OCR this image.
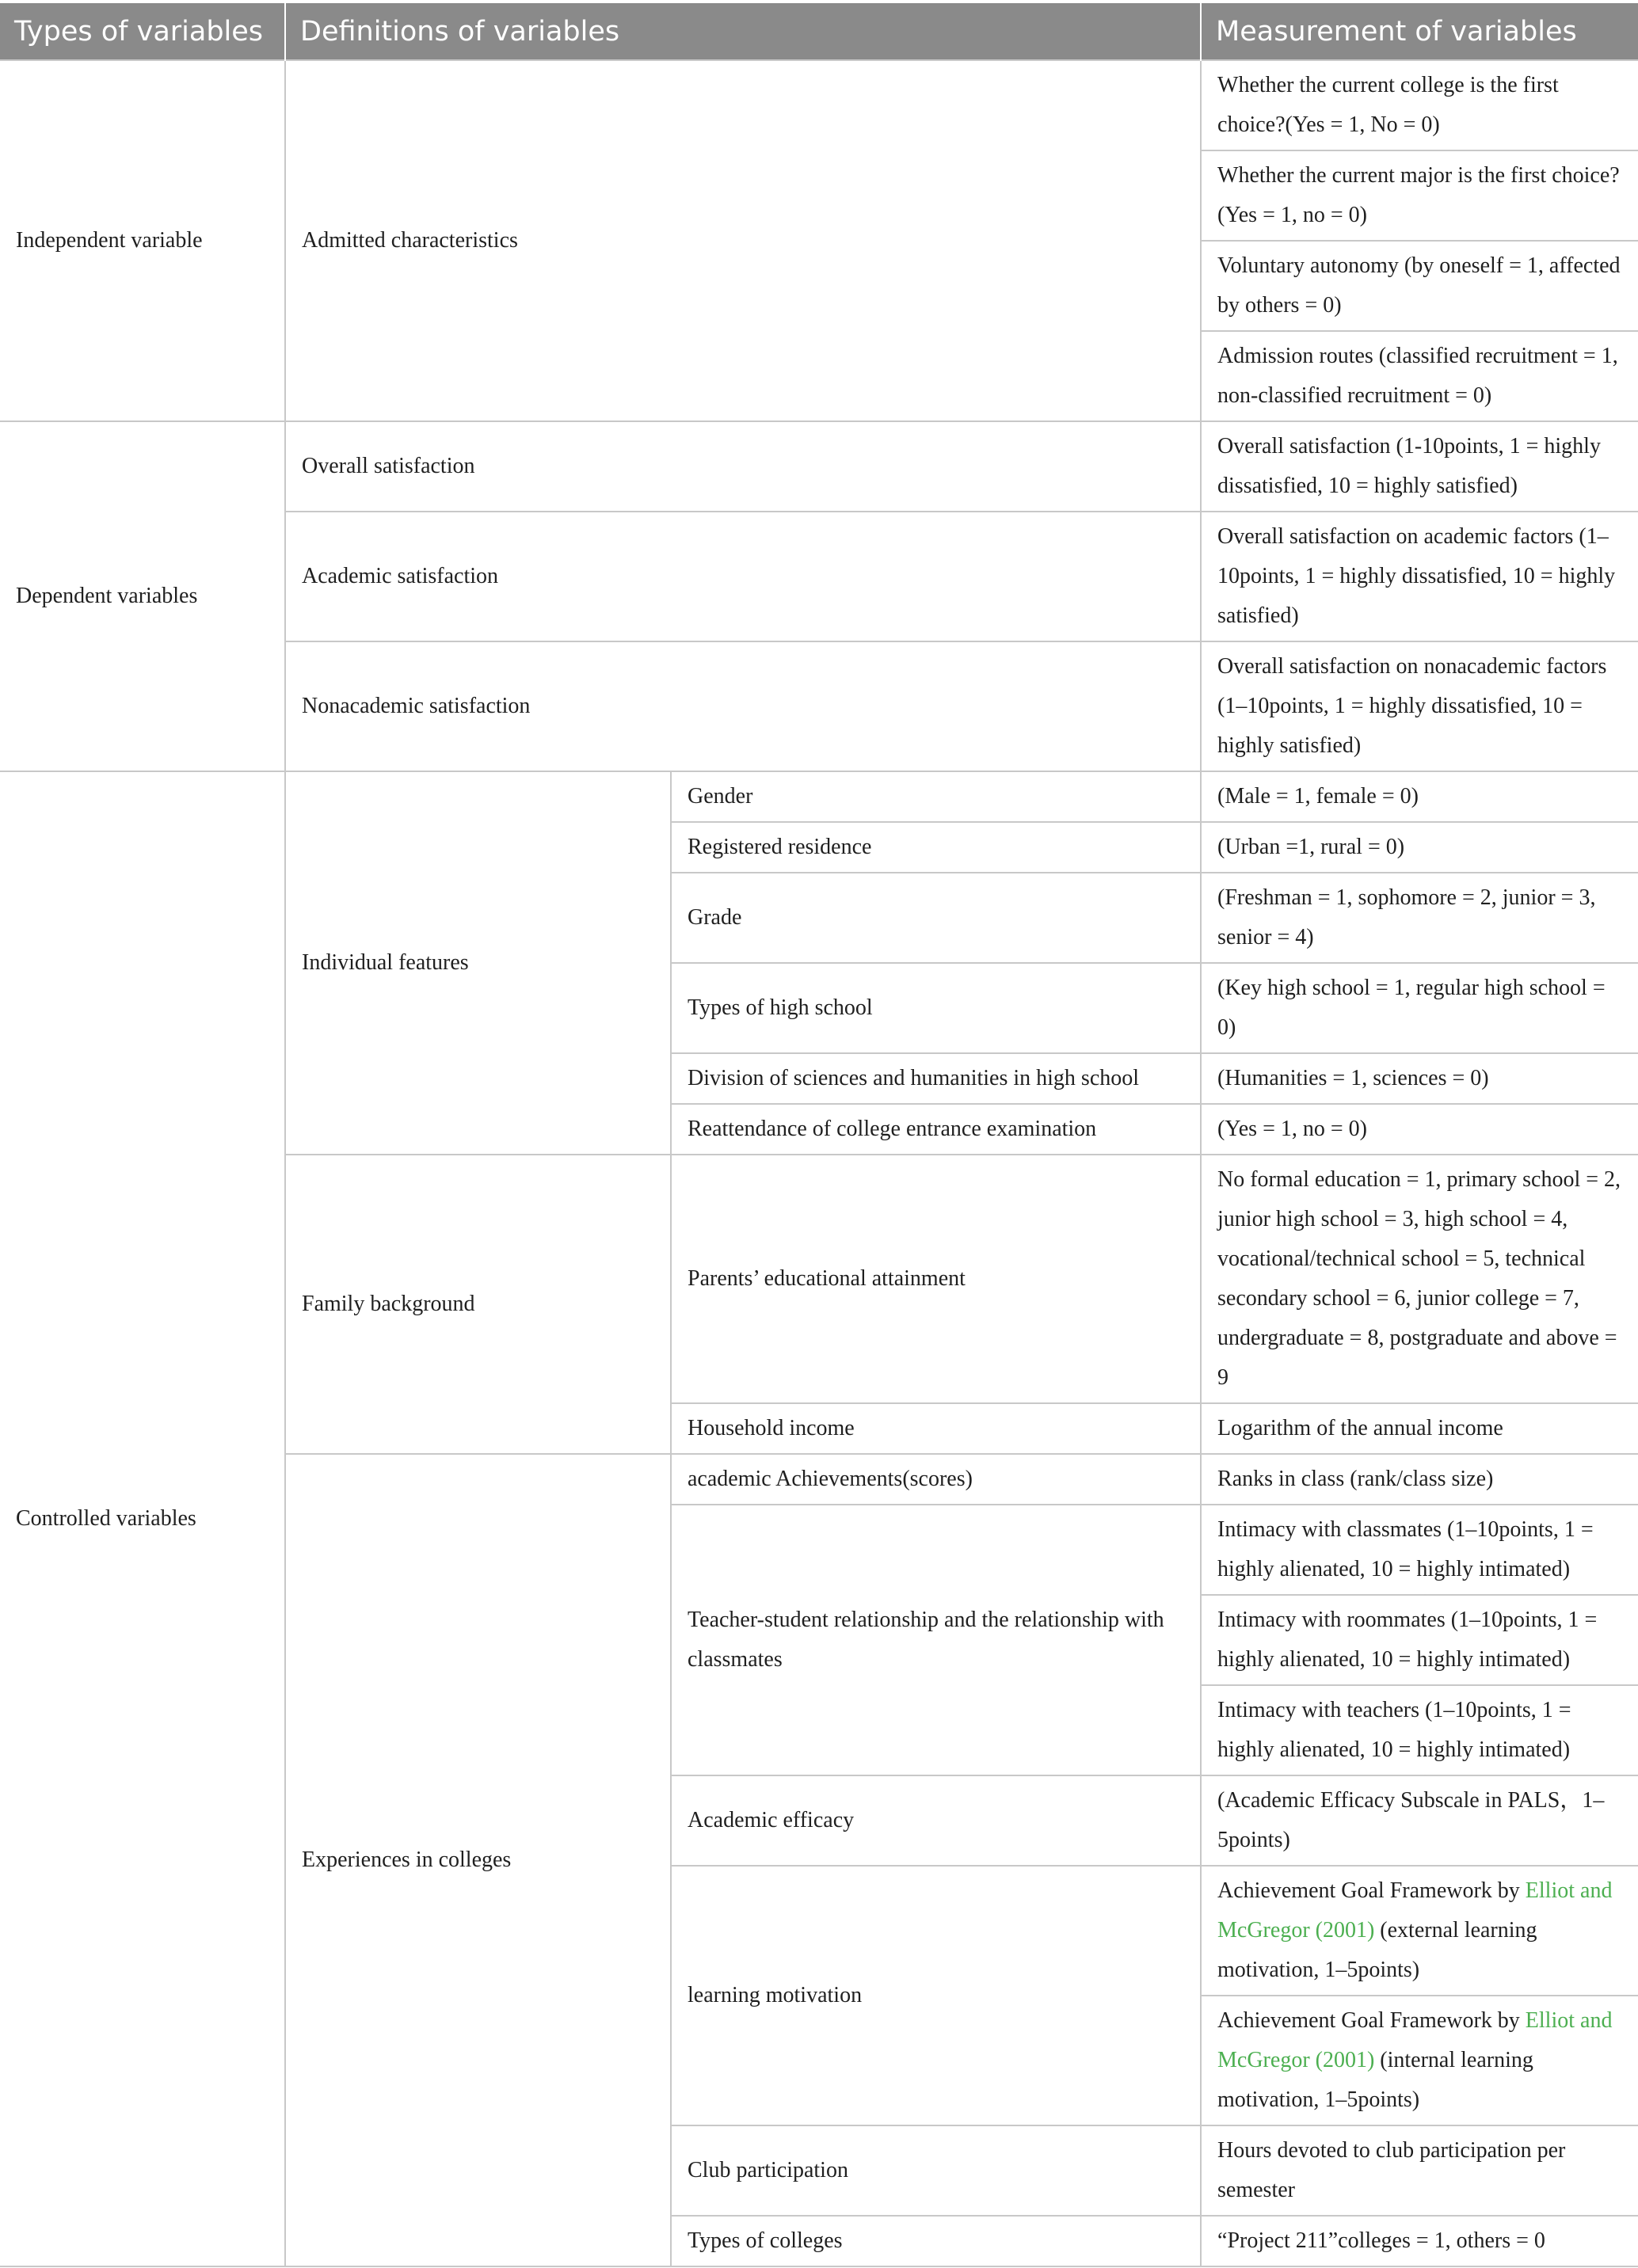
Types of variables	Definitions of variables		Measurement of variables
Independent variable	Admitted characteristics		Whether the current college is the first choice?(Yes = 1, No = 0)
			Whether the current major is the first choice? (Yes = 1, no = 0)
			Voluntary autonomy (by oneself = 1, affected by others = 0)
			Admission routes (classified recruitment = 1, non-classified recruitment = 0)
Dependent variables	Overall satisfaction		Overall satisfaction (1-10points, 1 = highly dissatisfied, 10 = highly satisfied)
	Academic satisfaction		Overall satisfaction on academic factors (1–10points, 1 = highly dissatisfied, 10 = highly satisfied)
	Nonacademic satisfaction		Overall satisfaction on nonacademic factors (1–10points, 1 = highly dissatisfied, 10 = highly satisfied)
Controlled variables	Individual features	Gender	(Male = 1, female = 0)
		Registered residence	(Urban =1, rural = 0)
		Grade	(Freshman = 1, sophomore = 2, junior = 3, senior = 4)
		Types of high school	(Key high school = 1, regular high school = 0)
		Division of sciences and humanities in high school	(Humanities = 1, sciences = 0)
		Reattendance of college entrance examination	(Yes = 1, no = 0)
	Family background	Parents’ educational attainment	No formal education = 1, primary school = 2, junior high school = 3, high school = 4, vocational/technical school = 5, technical secondary school = 6, junior college = 7, undergraduate = 8, postgraduate and above = 9
		Household income	Logarithm of the annual income
	Experiences in colleges	academic Achievements(scores)	Ranks in class (rank/class size)
		Teacher-student relationship and the relationship with classmates	Intimacy with classmates (1–10points, 1 = highly alienated, 10 = highly intimated)
			Intimacy with roommates (1–10points, 1 = highly alienated, 10 = highly intimated)
			Intimacy with teachers (1–10points, 1 = highly alienated, 10 = highly intimated)
		Academic efficacy	(Academic Efficacy Subscale in PALS，1–5points)
		learning motivation	Achievement Goal Framework by Elliot and McGregor (2001) (external learning motivation, 1–5points)
			Achievement Goal Framework by Elliot and McGregor (2001) (internal learning motivation, 1–5points)
		Club participation	Hours devoted to club participation per semester
		Types of colleges	“Project 211”colleges = 1, others = 0
